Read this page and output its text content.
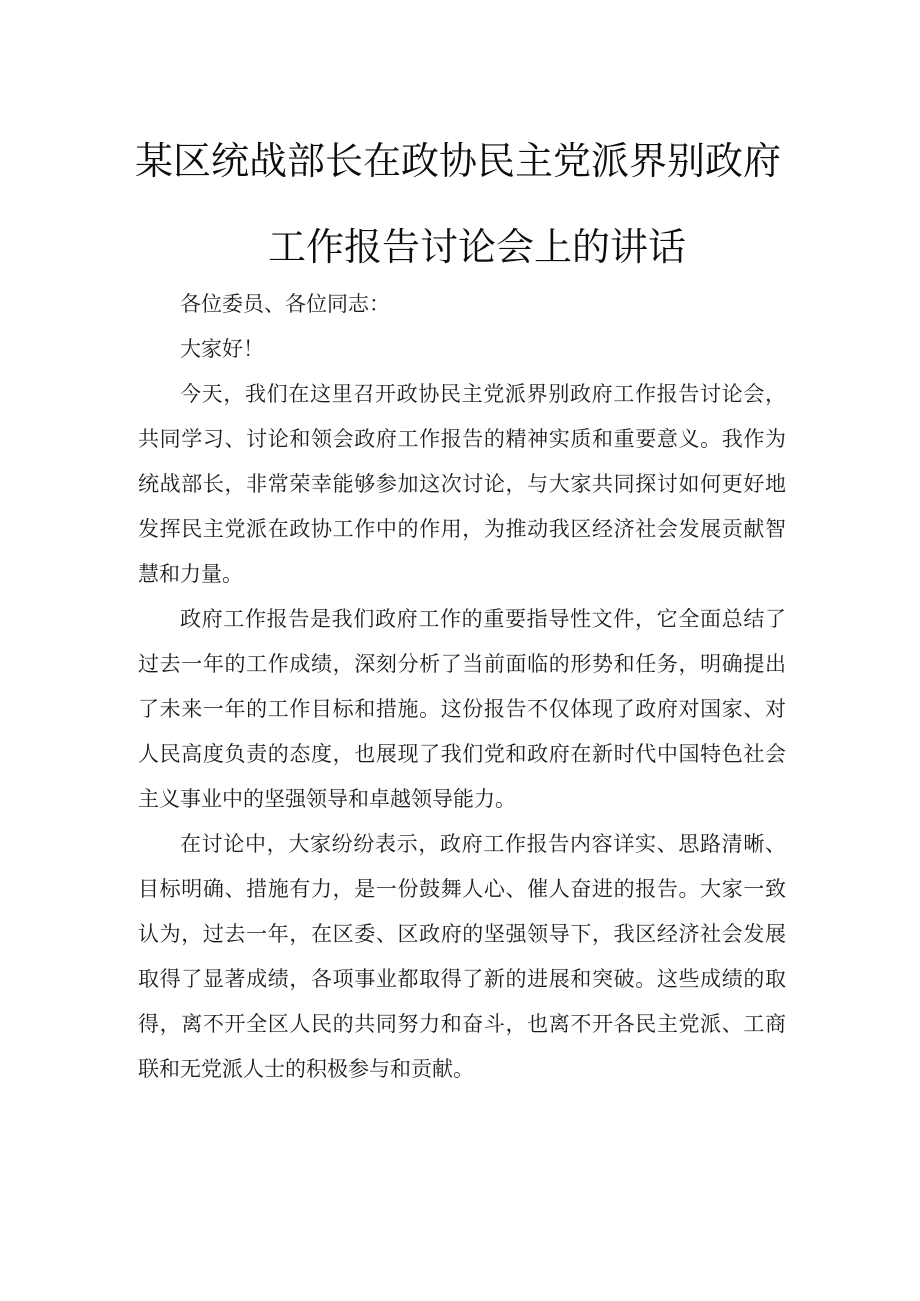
某区统战部长在政协民主党派界别政府
工作报告讨论会上的讲话

各位委员、各位同志：

大家好！

今天，我们在这里召开政协民主党派界别政府工作报告讨论会，共同学习、讨论和领会政府工作报告的精神实质和重要意义。我作为统战部长，非常荣幸能够参加这次讨论，与大家共同探讨如何更好地发挥民主党派在政协工作中的作用，为推动我区经济社会发展贡献智慧和力量。

政府工作报告是我们政府工作的重要指导性文件，它全面总结了过去一年的工作成绩，深刻分析了当前面临的形势和任务，明确提出了未来一年的工作目标和措施。这份报告不仅体现了政府对国家、对人民高度负责的态度，也展现了我们党和政府在新时代中国特色社会主义事业中的坚强领导和卓越领导能力。

在讨论中，大家纷纷表示，政府工作报告内容详实、思路清晰、目标明确、措施有力，是一份鼓舞人心、催人奋进的报告。大家一致认为，过去一年，在区委、区政府的坚强领导下，我区经济社会发展取得了显著成绩，各项事业都取得了新的进展和突破。这些成绩的取得，离不开全区人民的共同努力和奋斗，也离不开各民主党派、工商联和无党派人士的积极参与和贡献。
